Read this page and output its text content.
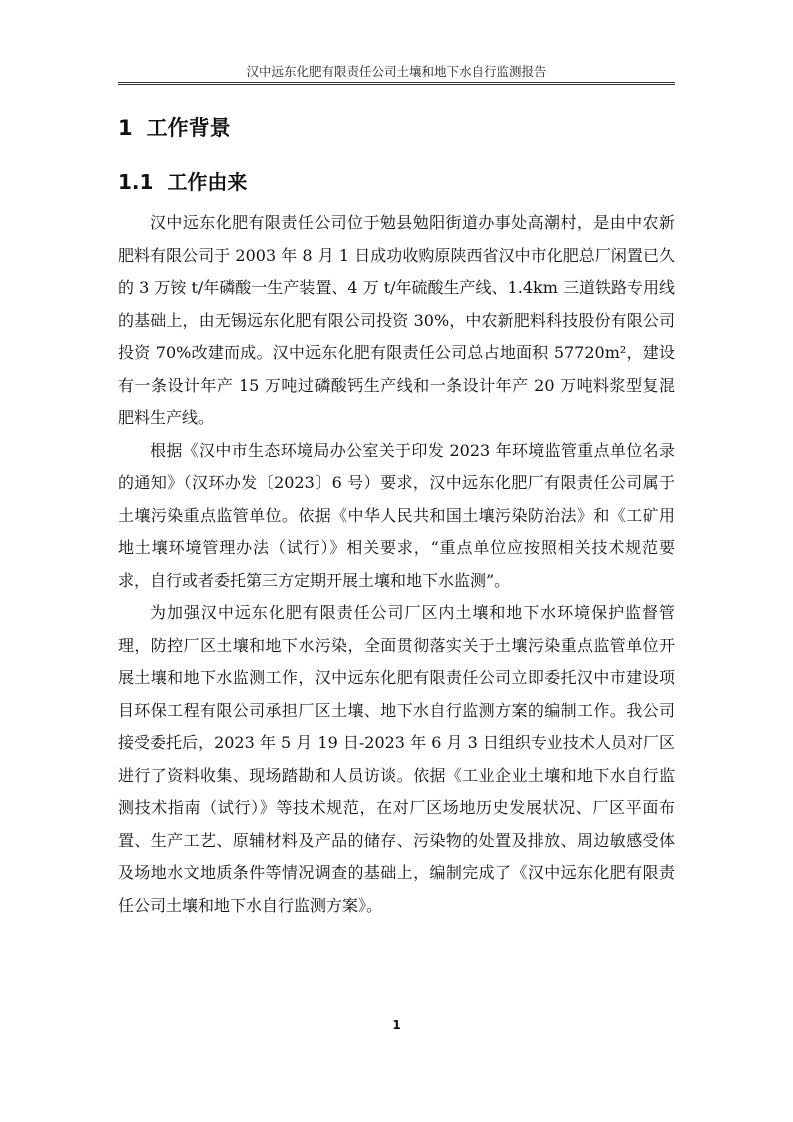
汉中远东化肥有限责任公司土壤和地下水自行监测报告
1 工作背景
1.1 工作由来

汉中远东化肥有限责任公司位于勉县勉阳街道办事处高潮村，是由中农新肥料有限公司于 2003 年 8 月 1 日成功收购原陕西省汉中市化肥总厂闲置已久的 3 万铵 t/年磷酸一生产装置、4 万 t/年硫酸生产线、1.4km 三道铁路专用线的基础上，由无锡远东化肥有限公司投资 30%，中农新肥料科技股份有限公司投资 70%改建而成。汉中远东化肥有限责任公司总占地面积 57720m²，建设有一条设计年产 15 万吨过磷酸钙生产线和一条设计年产 20 万吨料浆型复混肥料生产线。

根据《汉中市生态环境局办公室关于印发 2023 年环境监管重点单位名录的通知》（汉环办发〔2023〕6 号）要求，汉中远东化肥厂有限责任公司属于土壤污染重点监管单位。依据《中华人民共和国土壤污染防治法》和《工矿用地土壤环境管理办法（试行）》相关要求，“重点单位应按照相关技术规范要求，自行或者委托第三方定期开展土壤和地下水监测”。

为加强汉中远东化肥有限责任公司厂区内土壤和地下水环境保护监督管理，防控厂区土壤和地下水污染，全面贯彻落实关于土壤污染重点监管单位开展土壤和地下水监测工作，汉中远东化肥有限责任公司立即委托汉中市建设项目环保工程有限公司承担厂区土壤、地下水自行监测方案的编制工作。我公司接受委托后，2023 年 5 月 19 日-2023 年 6 月 3 日组织专业技术人员对厂区进行了资料收集、现场踏勘和人员访谈。依据《工业企业土壤和地下水自行监测技术指南（试行）》等技术规范，在对厂区场地历史发展状况、厂区平面布置、生产工艺、原辅材料及产品的储存、污染物的处置及排放、周边敏感受体及场地水文地质条件等情况调查的基础上，编制完成了《汉中远东化肥有限责任公司土壤和地下水自行监测方案》。

1
